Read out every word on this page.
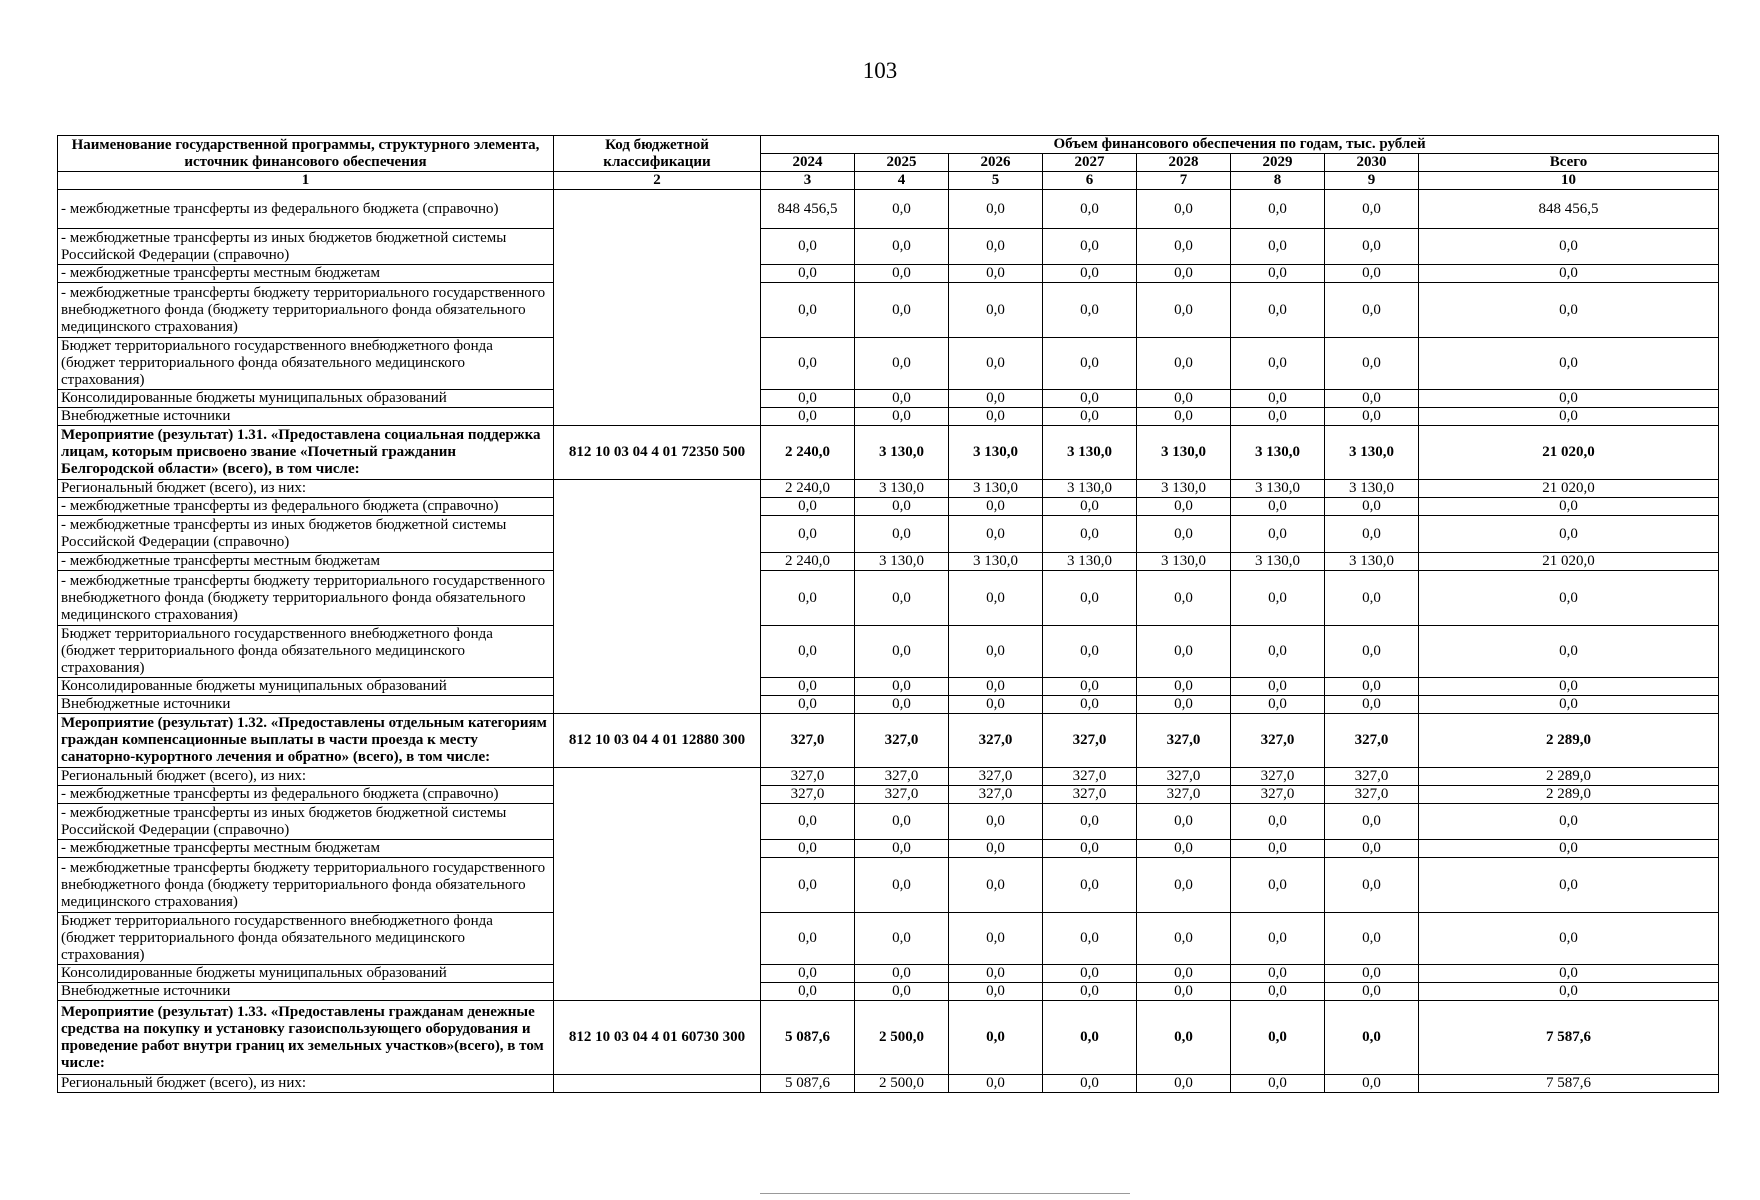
103
Наименование государственной программы, структурного элемента, источник финансового обеспечения	Код бюджетной классификации	Объем финансового обеспечения по годам, тыс. рублей							
		2024	2025	2026	2027	2028	2029	2030	Всего
1	2	3	4	5	6	7	8	9	10
- межбюджетные трансферты из федерального бюджета (справочно)		848 456,5	0,0	0,0	0,0	0,0	0,0	0,0	848 456,5
- межбюджетные трансферты из иных бюджетов бюджетной системы Российской Федерации (справочно)		0,0	0,0	0,0	0,0	0,0	0,0	0,0	0,0
- межбюджетные трансферты местным бюджетам		0,0	0,0	0,0	0,0	0,0	0,0	0,0	0,0
- межбюджетные трансферты бюджету территориального государственного внебюджетного фонда (бюджету территориального фонда обязательного медицинского страхования)		0,0	0,0	0,0	0,0	0,0	0,0	0,0	0,0
Бюджет территориального государственного внебюджетного фонда (бюджет территориального фонда обязательного медицинского страхования)		0,0	0,0	0,0	0,0	0,0	0,0	0,0	0,0
Консолидированные бюджеты муниципальных образований		0,0	0,0	0,0	0,0	0,0	0,0	0,0	0,0
Внебюджетные источники		0,0	0,0	0,0	0,0	0,0	0,0	0,0	0,0
Мероприятие (результат) 1.31. «Предоставлена социальная поддержка лицам, которым присвоено звание «Почетный гражданин Белгородской области» (всего), в том числе:	812 10 03 04 4 01 72350 500	2 240,0	3 130,0	3 130,0	3 130,0	3 130,0	3 130,0	3 130,0	21 020,0
Региональный бюджет (всего), из них:		2 240,0	3 130,0	3 130,0	3 130,0	3 130,0	3 130,0	3 130,0	21 020,0
- межбюджетные трансферты из федерального бюджета (справочно)		0,0	0,0	0,0	0,0	0,0	0,0	0,0	0,0
- межбюджетные трансферты из иных бюджетов бюджетной системы Российской Федерации (справочно)		0,0	0,0	0,0	0,0	0,0	0,0	0,0	0,0
- межбюджетные трансферты местным бюджетам		2 240,0	3 130,0	3 130,0	3 130,0	3 130,0	3 130,0	3 130,0	21 020,0
- межбюджетные трансферты бюджету территориального государственного внебюджетного фонда (бюджету территориального фонда обязательного медицинского страхования)		0,0	0,0	0,0	0,0	0,0	0,0	0,0	0,0
Бюджет территориального государственного внебюджетного фонда (бюджет территориального фонда обязательного медицинского страхования)		0,0	0,0	0,0	0,0	0,0	0,0	0,0	0,0
Консолидированные бюджеты муниципальных образований		0,0	0,0	0,0	0,0	0,0	0,0	0,0	0,0
Внебюджетные источники		0,0	0,0	0,0	0,0	0,0	0,0	0,0	0,0
Мероприятие (результат) 1.32. «Предоставлены отдельным категориям граждан компенсационные выплаты в части проезда к месту санаторно-курортного лечения и обратно» (всего), в том числе:	812 10 03 04 4 01 12880 300	327,0	327,0	327,0	327,0	327,0	327,0	327,0	2 289,0
Региональный бюджет (всего), из них:		327,0	327,0	327,0	327,0	327,0	327,0	327,0	2 289,0
- межбюджетные трансферты из федерального бюджета (справочно)		327,0	327,0	327,0	327,0	327,0	327,0	327,0	2 289,0
- межбюджетные трансферты из иных бюджетов бюджетной системы Российской Федерации (справочно)		0,0	0,0	0,0	0,0	0,0	0,0	0,0	0,0
- межбюджетные трансферты местным бюджетам		0,0	0,0	0,0	0,0	0,0	0,0	0,0	0,0
- межбюджетные трансферты бюджету территориального государственного внебюджетного фонда (бюджету территориального фонда обязательного медицинского страхования)		0,0	0,0	0,0	0,0	0,0	0,0	0,0	0,0
Бюджет территориального государственного внебюджетного фонда (бюджет территориального фонда обязательного медицинского страхования)		0,0	0,0	0,0	0,0	0,0	0,0	0,0	0,0
Консолидированные бюджеты муниципальных образований		0,0	0,0	0,0	0,0	0,0	0,0	0,0	0,0
Внебюджетные источники		0,0	0,0	0,0	0,0	0,0	0,0	0,0	0,0
Мероприятие (результат) 1.33. «Предоставлены гражданам денежные средства на покупку и установку газоиспользующего оборудования и проведение работ внутри границ их земельных участков»(всего), в том числе:	812 10 03 04 4 01 60730 300	5 087,6	2 500,0	0,0	0,0	0,0	0,0	0,0	7 587,6
Региональный бюджет (всего), из них:		5 087,6	2 500,0	0,0	0,0	0,0	0,0	0,0	7 587,6
